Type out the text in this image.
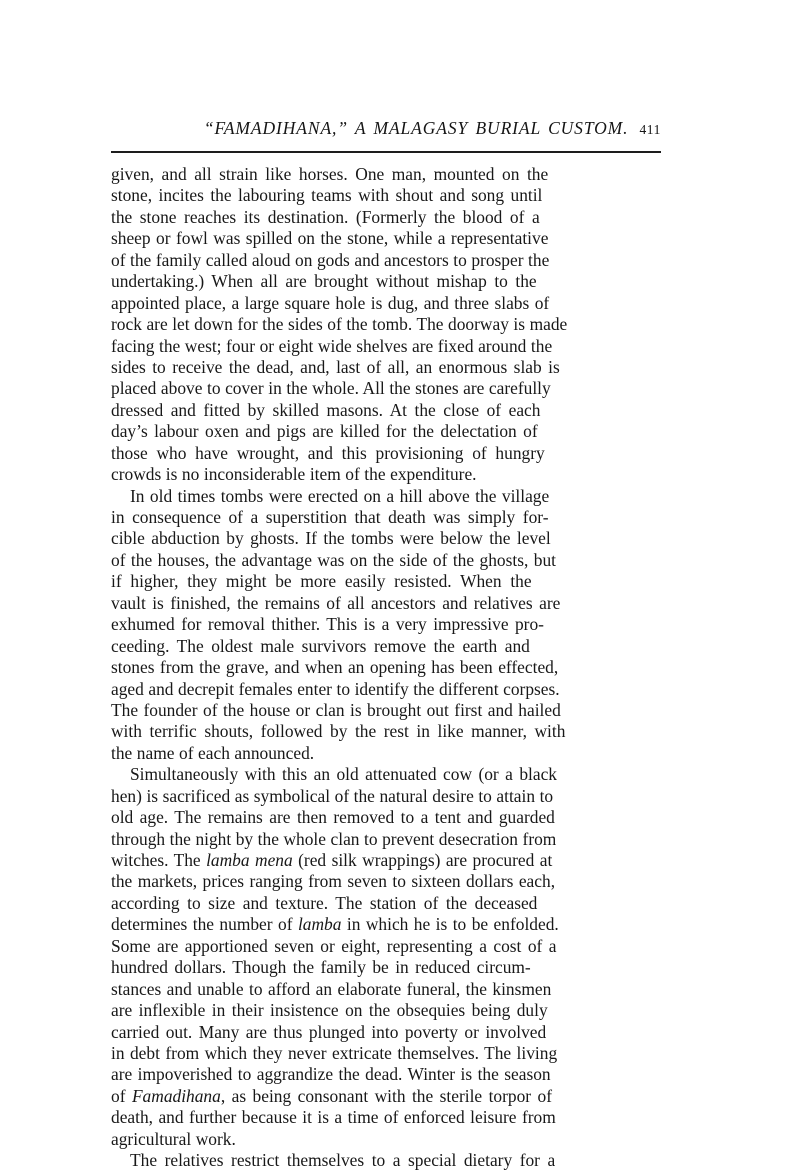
“FAMADIHANA,” A MALAGASY BURIAL CUSTOM. 411

given, and all strain like horses. One man, mounted on the
stone, incites the labouring teams with shout and song until
the stone reaches its destination. (Formerly the blood of a
sheep or fowl was spilled on the stone, while a representative
of the family called aloud on gods and ancestors to prosper the
undertaking.) When all are brought without mishap to the
appointed place, a large square hole is dug, and three slabs of
rock are let down for the sides of the tomb. The doorway is made
facing the west; four or eight wide shelves are fixed around the
sides to receive the dead, and, last of all, an enormous slab is
placed above to cover in the whole. All the stones are carefully
dressed and fitted by skilled masons. At the close of each
day’s labour oxen and pigs are killed for the delectation of
those who have wrought, and this provisioning of hungry
crowds is no inconsiderable item of the expenditure.

In old times tombs were erected on a hill above the village
in consequence of a superstition that death was simply for-
cible abduction by ghosts. If the tombs were below the level
of the houses, the advantage was on the side of the ghosts, but
if higher, they might be more easily resisted. When the
vault is finished, the remains of all ancestors and relatives are
exhumed for removal thither. This is a very impressive pro-
ceeding. The oldest male survivors remove the earth and
stones from the grave, and when an opening has been effected,
aged and decrepit females enter to identify the different corpses.
The founder of the house or clan is brought out first and hailed
with terrific shouts, followed by the rest in like manner, with
the name of each announced.

Simultaneously with this an old attenuated cow (or a black
hen) is sacrificed as symbolical of the natural desire to attain to
old age. The remains are then removed to a tent and guarded
through the night by the whole clan to prevent desecration from
witches. The lamba mena (red silk wrappings) are procured at
the markets, prices ranging from seven to sixteen dollars each,
according to size and texture. The station of the deceased
determines the number of lamba in which he is to be enfolded.
Some are apportioned seven or eight, representing a cost of a
hundred dollars. Though the family be in reduced circum-
stances and unable to afford an elaborate funeral, the kinsmen
are inflexible in their insistence on the obsequies being duly
carried out. Many are thus plunged into poverty or involved
in debt from which they never extricate themselves. The living
are impoverished to aggrandize the dead. Winter is the season
of Famadihana, as being consonant with the sterile torpor of
death, and further because it is a time of enforced leisure from
agricultural work.

The relatives restrict themselves to a special dietary for a
